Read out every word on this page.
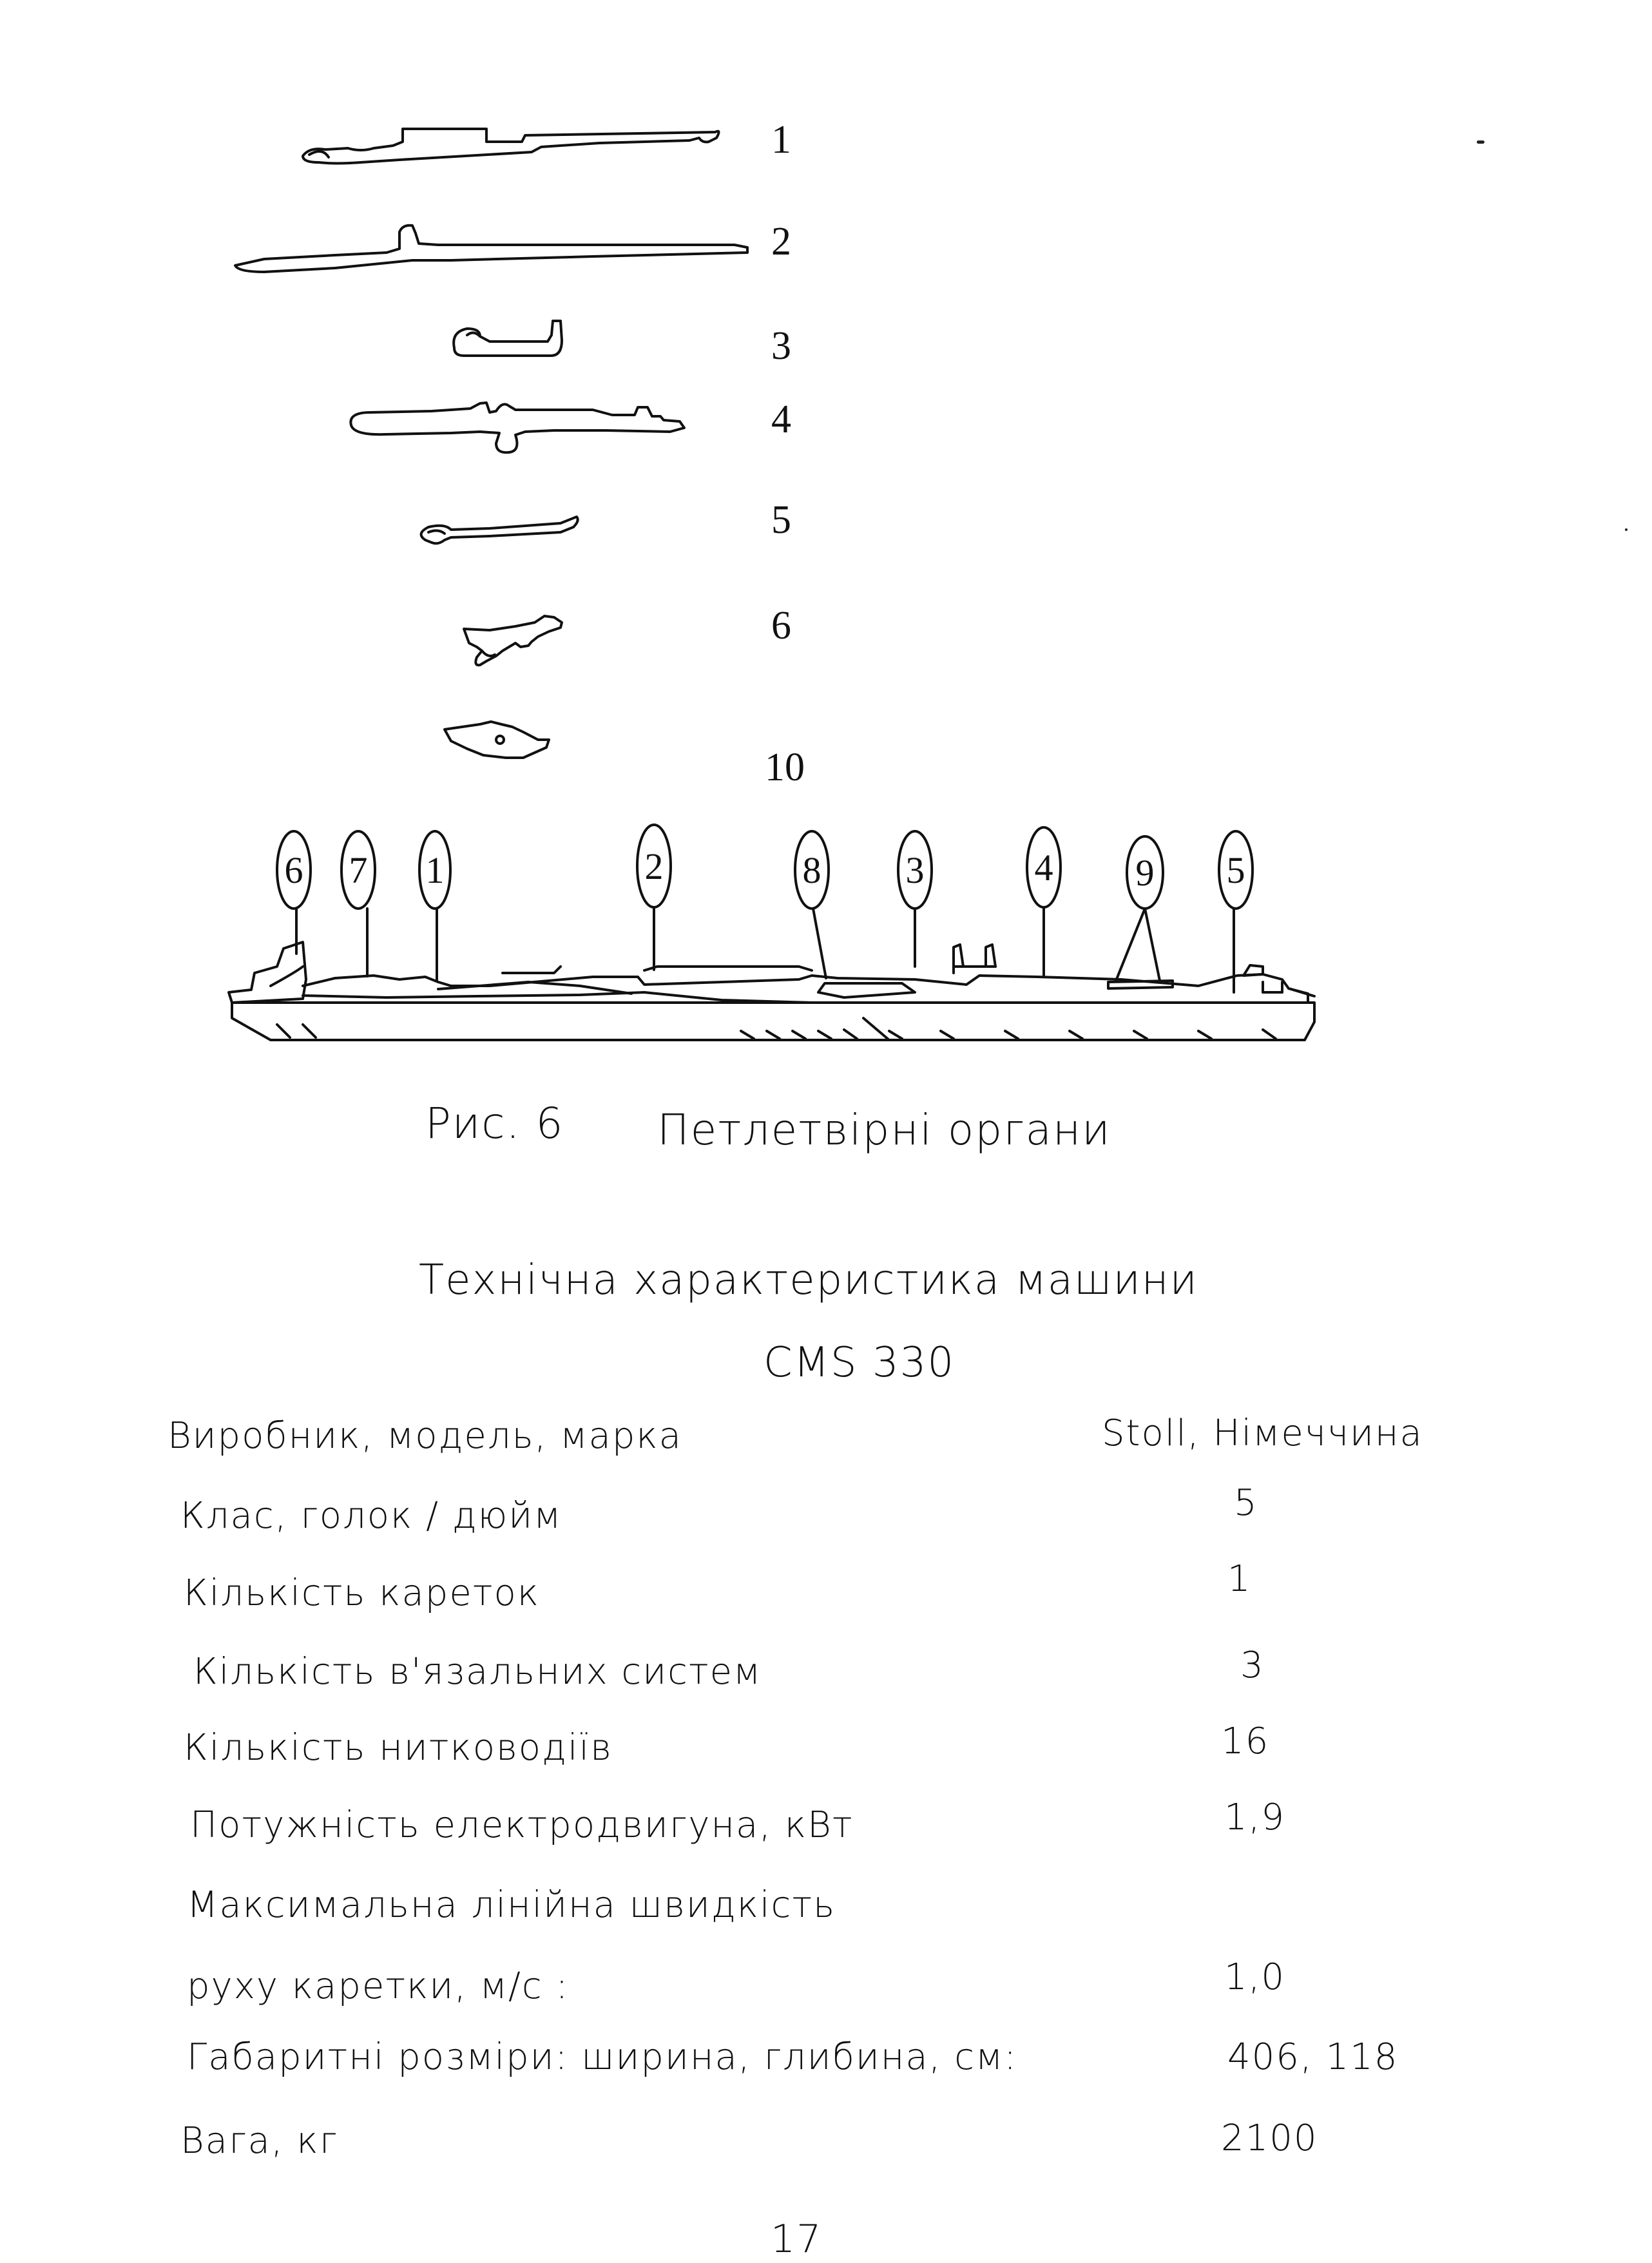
1
2
3
4
5
6
10
6 7 1	2	8 3	4 9 5
Рис. 6 Петлетвірні органи
Технічна характеристика машини
CMS 330
Виробник, модель, марка	Stoll, Німеччина
Клас, голок / дюйм	5
Кількість кареток	1
Кількість в'язальних систем	3
Кількість нитководіїв	16
Потужність електродвигуна, кВт	1,9
Максимальна лінійна швидкість
руху каретки, м/с :	1,0
Габаритні розміри: ширина, глибина, см:	406, 118
Вага, кг	2100
17
